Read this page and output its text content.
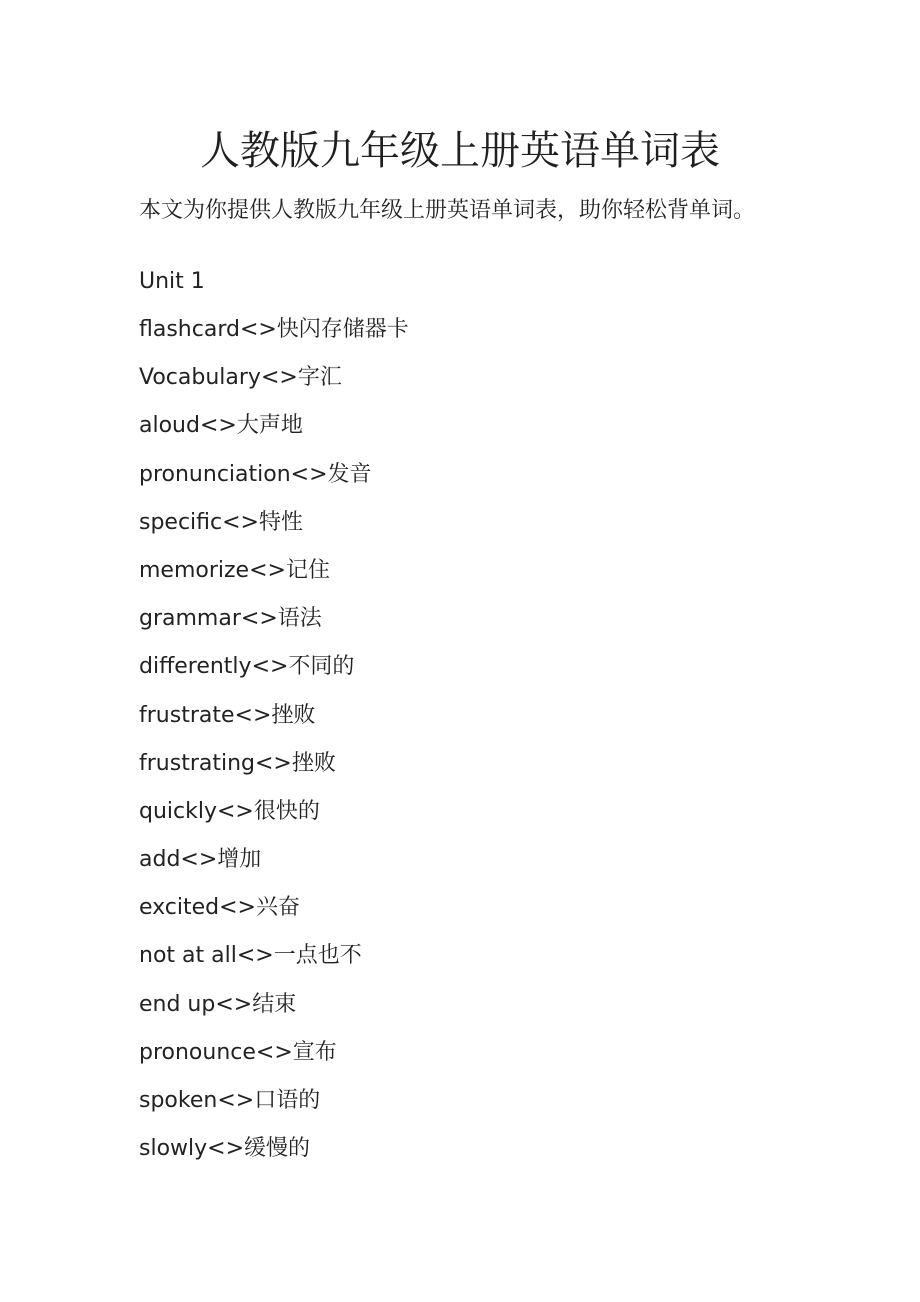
人教版九年级上册英语单词表

本文为你提供人教版九年级上册英语单词表，助你轻松背单词。

Unit 1
flashcard<>快闪存储器卡
Vocabulary<>字汇
aloud<>大声地
pronunciation<>发音
specific<>特性
memorize<>记住
grammar<>语法
differently<>不同的
frustrate<>挫败
frustrating<>挫败
quickly<>很快的
add<>增加
excited<>兴奋
not at all<>一点也不
end up<>结束
pronounce<>宣布
spoken<>口语的
slowly<>缓慢的
